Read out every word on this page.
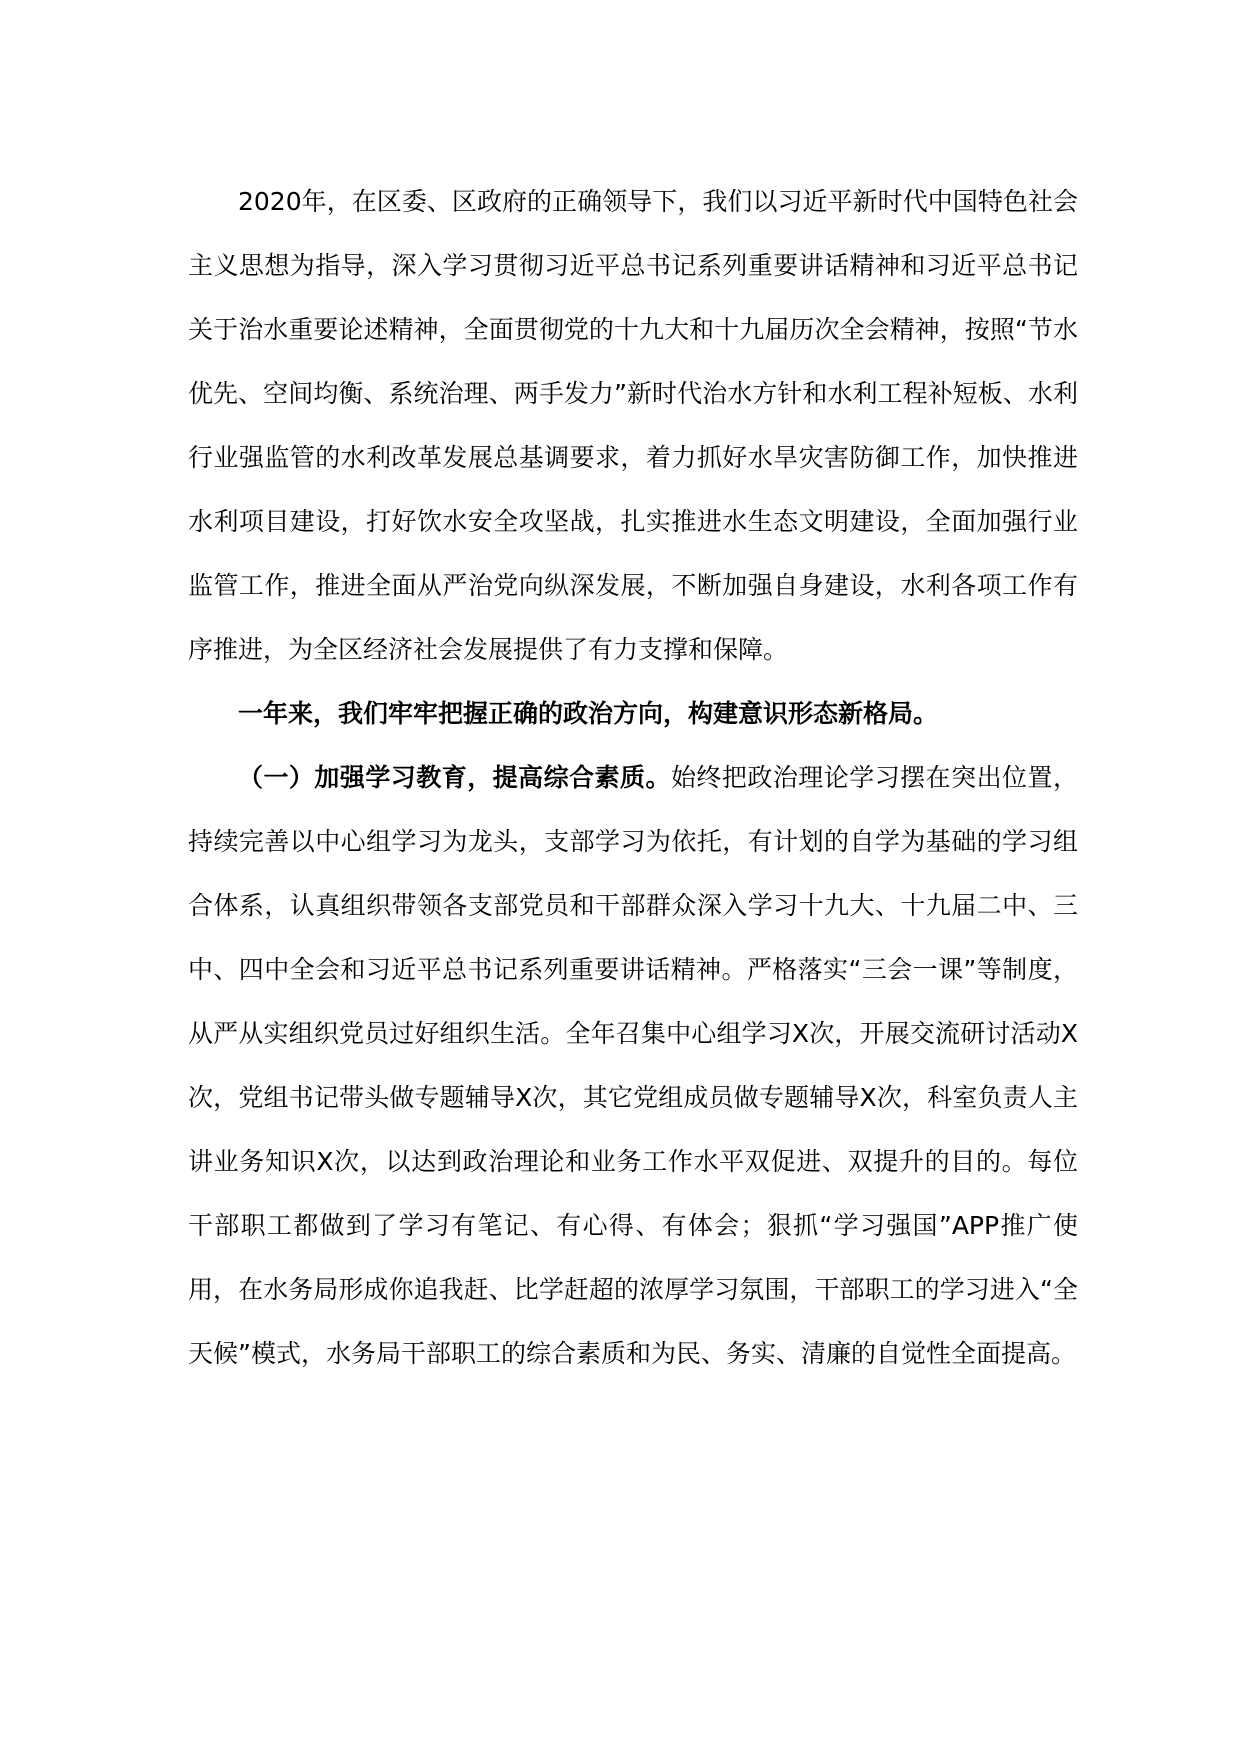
2020年，在区委、区政府的正确领导下，我们以习近平新时代中国特色社会主义思想为指导，深入学习贯彻习近平总书记系列重要讲话精神和习近平总书记关于治水重要论述精神，全面贯彻党的十九大和十九届历次全会精神，按照“节水优先、空间均衡、系统治理、两手发力”新时代治水方针和水利工程补短板、水利行业强监管的水利改革发展总基调要求，着力抓好水旱灾害防御工作，加快推进水利项目建设，打好饮水安全攻坚战，扎实推进水生态文明建设，全面加强行业监管工作，推进全面从严治党向纵深发展，不断加强自身建设，水利各项工作有序推进，为全区经济社会发展提供了有力支撑和保障。

一年来，我们牢牢把握正确的政治方向，构建意识形态新格局。

（一）加强学习教育，提高综合素质。始终把政治理论学习摆在突出位置，持续完善以中心组学习为龙头，支部学习为依托，有计划的自学为基础的学习组合体系，认真组织带领各支部党员和干部群众深入学习十九大、十九届二中、三中、四中全会和习近平总书记系列重要讲话精神。严格落实“三会一课”等制度，从严从实组织党员过好组织生活。全年召集中心组学习X次，开展交流研讨活动X次，党组书记带头做专题辅导X次，其它党组成员做专题辅导X次，科室负责人主讲业务知识X次，以达到政治理论和业务工作水平双促进、双提升的目的。每位干部职工都做到了学习有笔记、有心得、有体会；狠抓“学习强国”APP推广使用，在水务局形成你追我赶、比学赶超的浓厚学习氛围，干部职工的学习进入“全天候”模式，水务局干部职工的综合素质和为民、务实、清廉的自觉性全面提高。
